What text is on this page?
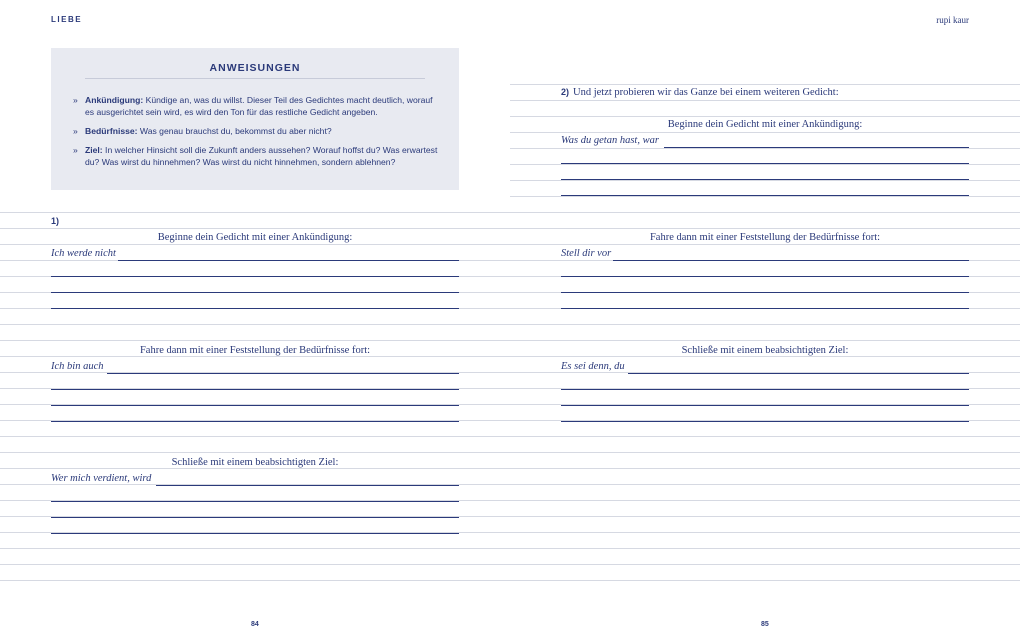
LIEBE	rupi kaur
ANWEISUNGEN
» Ankündigung: Kündige an, was du willst. Dieser Teil des Gedichtes macht deutlich, worauf es ausgerichtet sein wird, es wird den Ton für das restliche Gedicht angeben.
» Bedürfnisse: Was genau brauchst du, bekommst du aber nicht?
» Ziel: In welcher Hinsicht soll die Zukunft anders aussehen? Worauf hoffst du? Was erwartest du? Was wirst du hinnehmen? Was wirst du nicht hinnehmen, sondern ablehnen?
1)
Beginne dein Gedicht mit einer Ankündigung:
Ich werde nicht
Fahre dann mit einer Feststellung der Bedürfnisse fort:
Ich bin auch
Schließe mit einem beabsichtigten Ziel:
Wer mich verdient, wird
2) Und jetzt probieren wir das Ganze bei einem weiteren Gedicht:
Beginne dein Gedicht mit einer Ankündigung:
Was du getan hast, war
Fahre dann mit einer Feststellung der Bedürfnisse fort:
Stell dir vor
Schließe mit einem beabsichtigten Ziel:
Es sei denn, du
84	85
